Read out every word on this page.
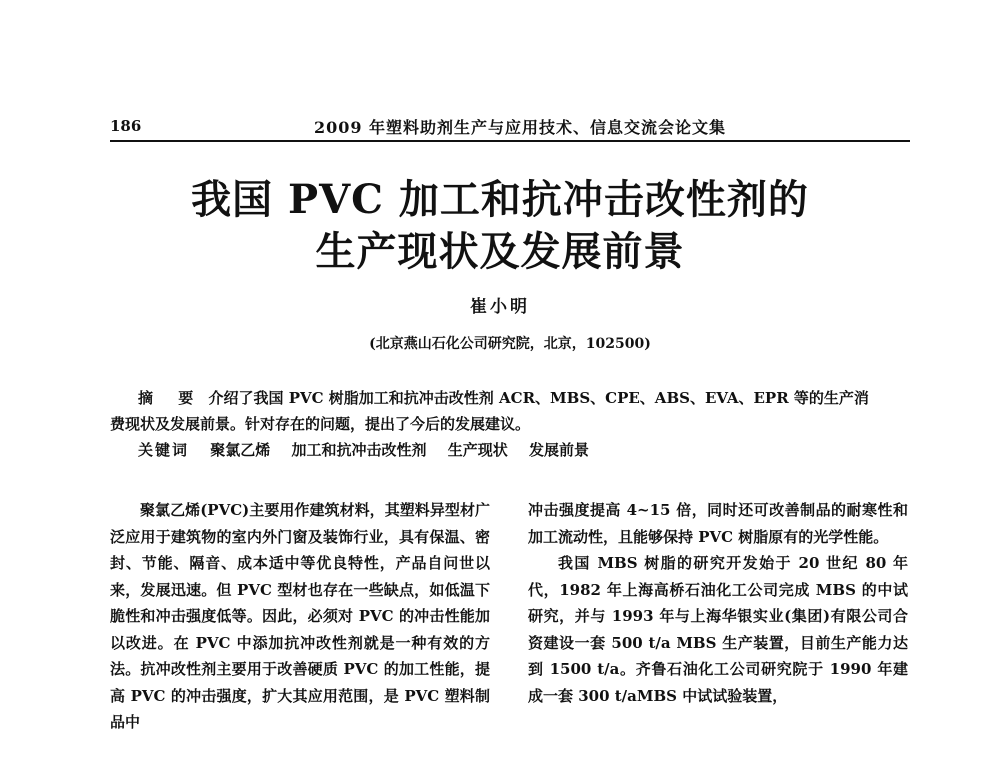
186	2009 年塑料助剂生产与应用技术、信息交流会论文集
我国 PVC 加工和抗冲击改性剂的
生产现状及发展前景
崔小明
(北京燕山石化公司研究院，北京，102500)

摘 要 介绍了我国 PVC 树脂加工和抗冲击改性剂 ACR、MBS、CPE、ABS、EVA、EPR 等的生产消

费现状及发展前景。针对存在的问题，提出了今后的发展建议。

关键词 聚氯乙烯 加工和抗冲击改性剂 生产现状 发展前景

聚氯乙烯(PVC)主要用作建筑材料，其塑料异型材广泛应用于建筑物的室内外门窗及装饰行业，具有保温、密封、节能、隔音、成本适中等优良特性，产品自问世以来，发展迅速。但 PVC 型材也存在一些缺点，如低温下脆性和冲击强度低等。因此，必须对 PVC 的冲击性能加以改进。在 PVC 中添加抗冲改性剂就是一种有效的方法。抗冲改性剂主要用于改善硬质 PVC 的加工性能，提高 PVC 的冲击强度，扩大其应用范围，是 PVC 塑料制品中

冲击强度提高 4~15 倍，同时还可改善制品的耐寒性和加工流动性，且能够保持 PVC 树脂原有的光学性能。

我国 MBS 树脂的研究开发始于 20 世纪 80 年代，1982 年上海高桥石油化工公司完成 MBS 的中试研究，并与 1993 年与上海华银实业(集团)有限公司合资建设一套 500 t/a MBS 生产装置，目前生产能力达到 1500 t/a。齐鲁石油化工公司研究院于 1990 年建成一套 300 t/aMBS 中试试验装置，
